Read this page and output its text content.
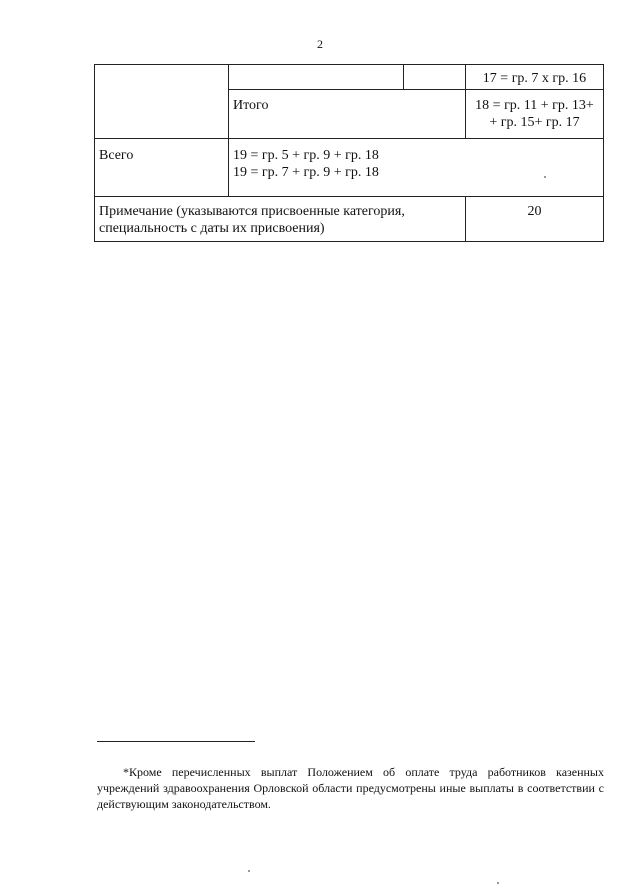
2
			17 = гр. 7 х гр. 16
	Итого		18 = гр. 11 + гр. 13+
+ гр. 15+ гр. 17

Всего	19 = гр. 5 + гр. 9 + гр. 18
19 = гр. 7 + гр. 9 + гр. 18		

Примечание (указываются присвоенные категория,
специальность с даты их присвоения)			20
*Кроме перечисленных выплат Положением об оплате труда работников казенных учреждений здравоохранения Орловской области предусмотрены иные выплаты в соответствии с действующим законодательством.
